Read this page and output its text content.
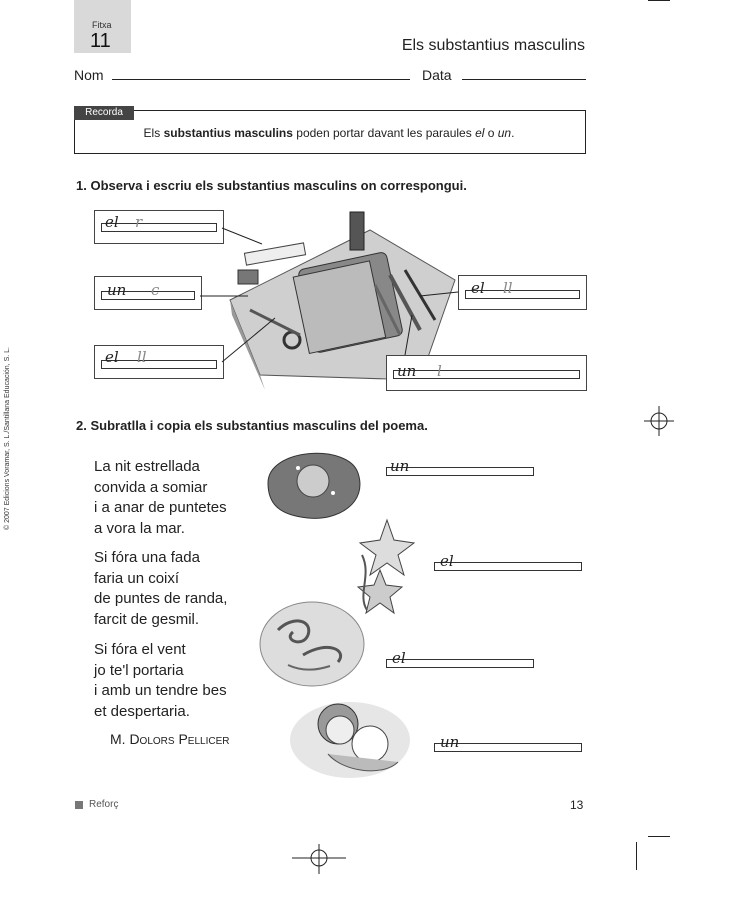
Fitxa
11	Els substantius masculins
Nom	Data
Recorda
Els substantius masculins poden portar davant les paraules el o un.
1. Observa i escriu els substantius masculins on correspongui.
el r
un c
el ll
el ll
un l
2. Subratlla i copia els substantius masculins del poema.
La nit estrellada
convida a somiar
i a anar de puntetes
a vora la mar.
Si fóra una fada
faria un coixí
de puntes de randa,
farcit de gesmil.
Si fóra el vent
jo te'l portaria
i amb un tendre bes
et despertaria.
M. Dolors Pellicer
un
el
el
un
© 2007 Edicions Voramar, S. L./Santillana Educación, S. L.
Reforç	13
